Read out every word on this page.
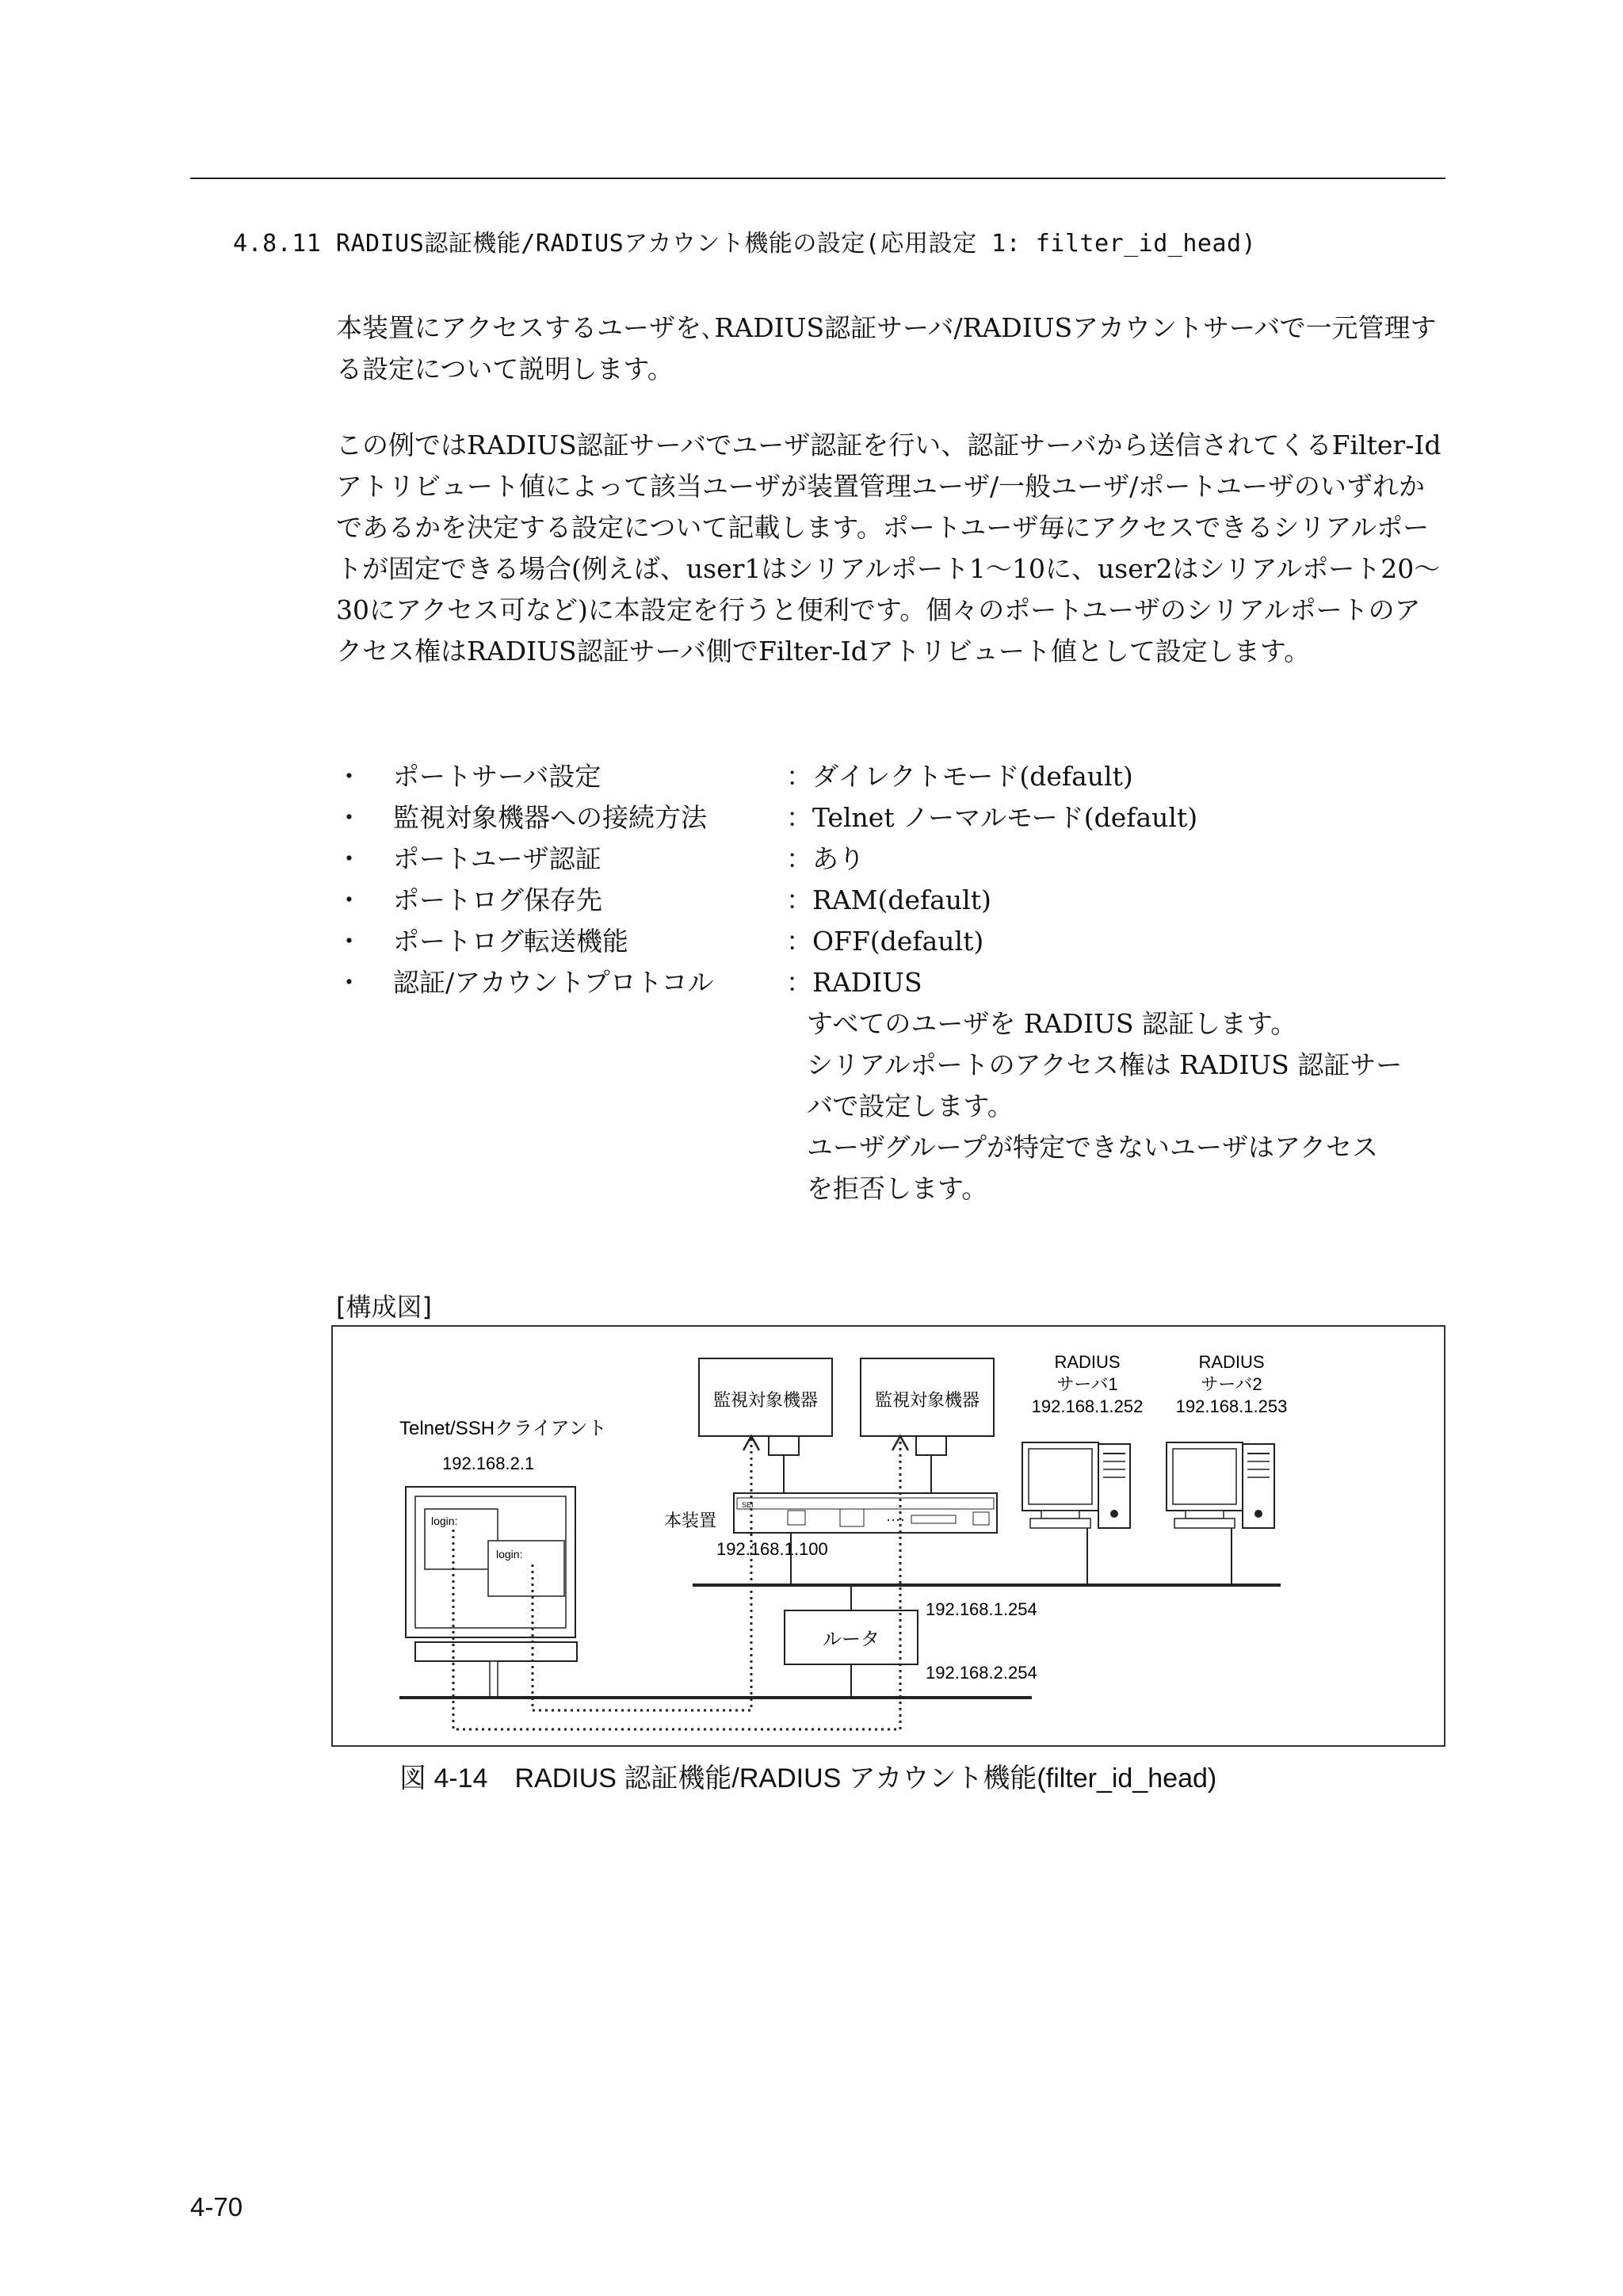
4.8.11 RADIUS認証機能/RADIUSアカウント機能の設定(応用設定 1: filter_id_head)

本装置にアクセスするユーザを､RADIUS認証サーバ/RADIUSアカウントサーバで一元管理する設定について説明します。

この例ではRADIUS認証サーバでユーザ認証を行い、認証サーバから送信されてくるFilter-Idアトリビュート値によって該当ユーザが装置管理ユーザ/一般ユーザ/ポートユーザのいずれかであるかを決定する設定について記載します。ポートユーザ毎にアクセスできるシリアルポートが固定できる場合(例えば、user1はシリアルポート1～10に、user2はシリアルポート20～30にアクセス可など)に本設定を行うと便利です。個々のポートユーザのシリアルポートのアクセス権はRADIUS認証サーバ側でFilter-Idアトリビュート値として設定します。

・ ポートサーバ設定	：ダイレクトモード(default)
・ 監視対象機器への接続方法	：Telnet ノーマルモード(default)
・ ポートユーザ認証	：あり
・ ポートログ保存先	：RAM(default)
・ ポートログ転送機能	：OFF(default)
・ 認証/アカウントプロトコル	：RADIUS
すべてのユーザを RADIUS 認証します。
シリアルポートのアクセス権は RADIUS 認証サー
バで設定します。
ユーザグループが特定できないユーザはアクセス
を拒否します。
[構成図]
監視対象機器	監視対象機器
RADIUS
サーバ1
192.168.1.252
RADIUS
サーバ2
192.168.1.253
Telnet/SSHクライアント
192.168.2.1
login:
login:
本装置
SEI
192.168.1.100
ルータ
192.168.1.254
192.168.2.254
図 4-14　RADIUS 認証機能/RADIUS アカウント機能(filter_id_head)
4-70
